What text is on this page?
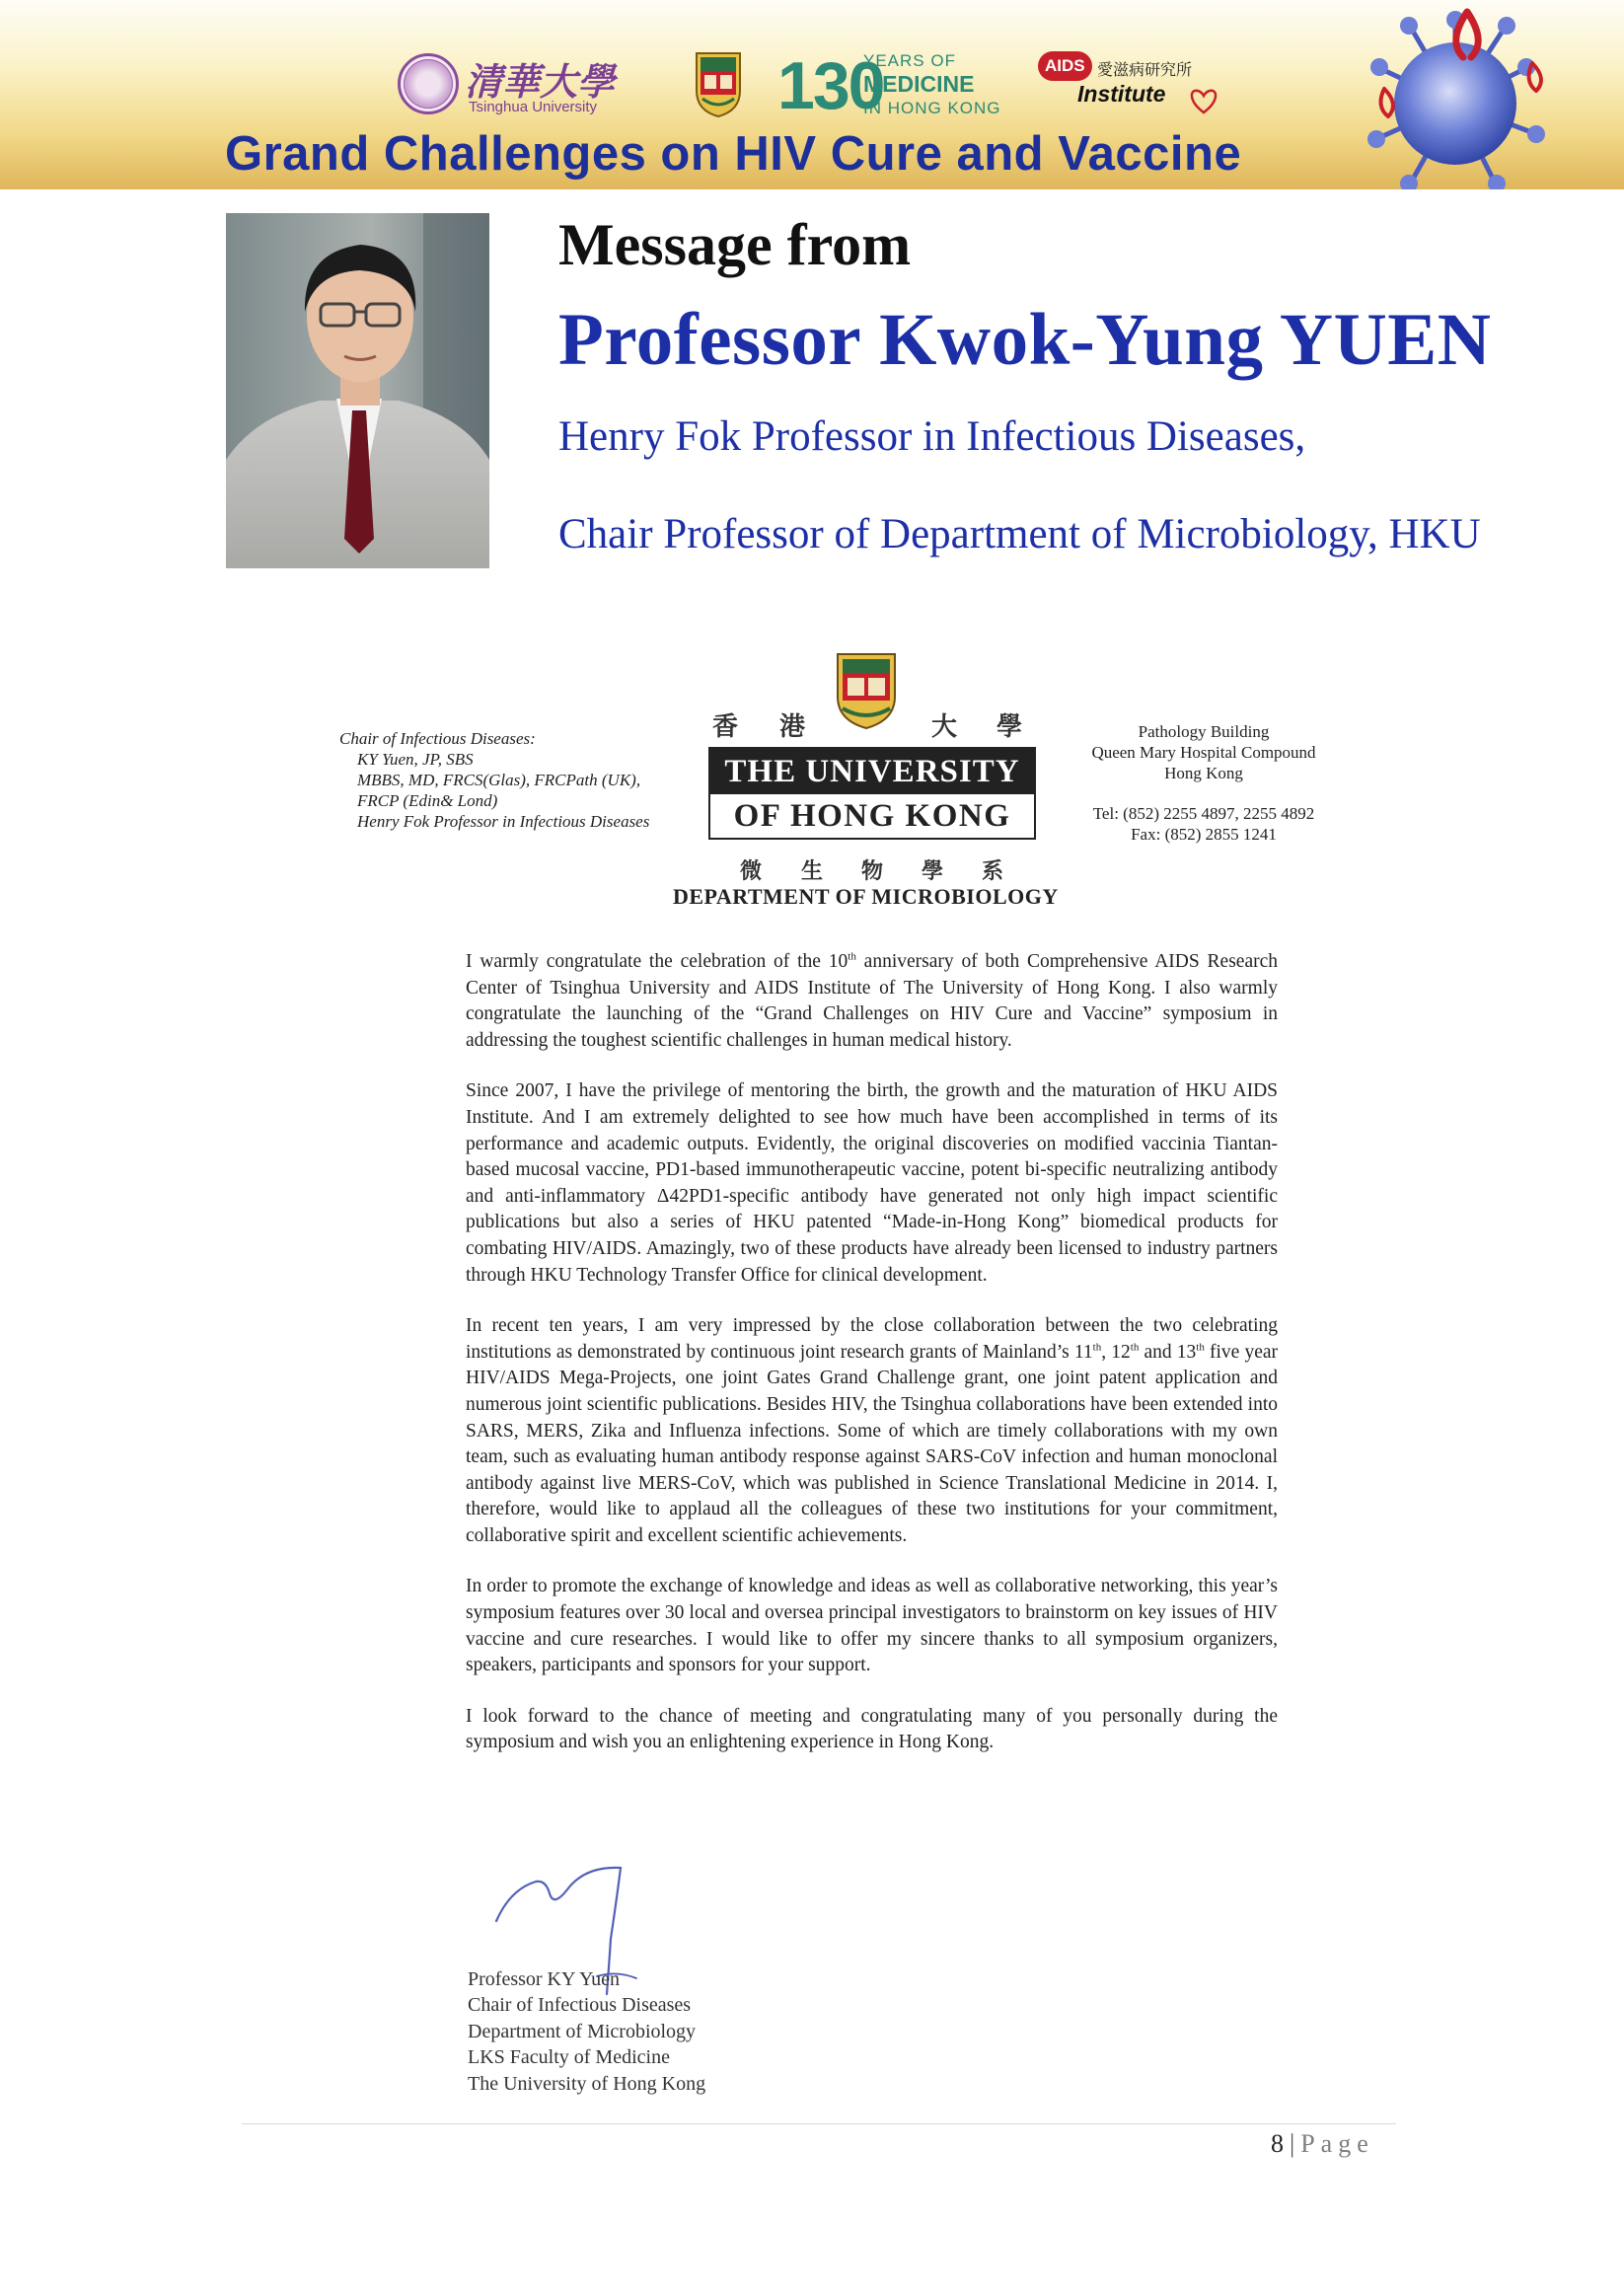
清華大學
Tsinghua University	130
YEARS OF
MEDICINE
IN HONG KONG
AIDS 愛滋病研究所
Institute
Grand Challenges on HIV Cure and Vaccine
Message from
Professor Kwok-Yung YUEN
Henry Fok Professor in Infectious Diseases,
Chair Professor of Department of Microbiology, HKU
Chair of Infectious Diseases:
KY Yuen, JP, SBS
MBBS, MD, FRCS(Glas), FRCPath (UK),
FRCP (Edin& Lond)
Henry Fok Professor in Infectious Diseases
香 港	大 學
THE UNIVERSITY
OF HONG KONG
微 生 物 學 系
DEPARTMENT OF MICROBIOLOGY
Pathology Building
Queen Mary Hospital Compound
Hong Kong
Tel: (852) 2255 4897, 2255 4892
Fax: (852) 2855 1241

I warmly congratulate the celebration of the 10th anniversary of both Comprehensive AIDS Research Center of Tsinghua University and AIDS Institute of The University of Hong Kong. I also warmly congratulate the launching of the “Grand Challenges on HIV Cure and Vaccine” symposium in addressing the toughest scientific challenges in human medical history.

Since 2007, I have the privilege of mentoring the birth, the growth and the maturation of HKU AIDS Institute. And I am extremely delighted to see how much have been accomplished in terms of its performance and academic outputs. Evidently, the original discoveries on modified vaccinia Tiantan-based mucosal vaccine, PD1-based immunotherapeutic vaccine, potent bi-specific neutralizing antibody and anti-inflammatory Δ42PD1-specific antibody have generated not only high impact scientific publications but also a series of HKU patented “Made-in-Hong Kong” biomedical products for combating HIV/AIDS. Amazingly, two of these products have already been licensed to industry partners through HKU Technology Transfer Office for clinical development.

In recent ten years, I am very impressed by the close collaboration between the two celebrating institutions as demonstrated by continuous joint research grants of Mainland’s 11th, 12th and 13th five year HIV/AIDS Mega-Projects, one joint Gates Grand Challenge grant, one joint patent application and numerous joint scientific publications. Besides HIV, the Tsinghua collaborations have been extended into SARS, MERS, Zika and Influenza infections. Some of which are timely collaborations with my own team, such as evaluating human antibody response against SARS-CoV infection and human monoclonal antibody against live MERS-CoV, which was published in Science Translational Medicine in 2014. I, therefore, would like to applaud all the colleagues of these two institutions for your commitment, collaborative spirit and excellent scientific achievements.

In order to promote the exchange of knowledge and ideas as well as collaborative networking, this year’s symposium features over 30 local and oversea principal investigators to brainstorm on key issues of HIV vaccine and cure researches. I would like to offer my sincere thanks to all symposium organizers, speakers, participants and sponsors for your support.

I look forward to the chance of meeting and congratulating many of you personally during the symposium and wish you an enlightening experience in Hong Kong.

Professor KY Yuen
Chair of Infectious Diseases
Department of Microbiology
LKS Faculty of Medicine
The University of Hong Kong
8 | Page
